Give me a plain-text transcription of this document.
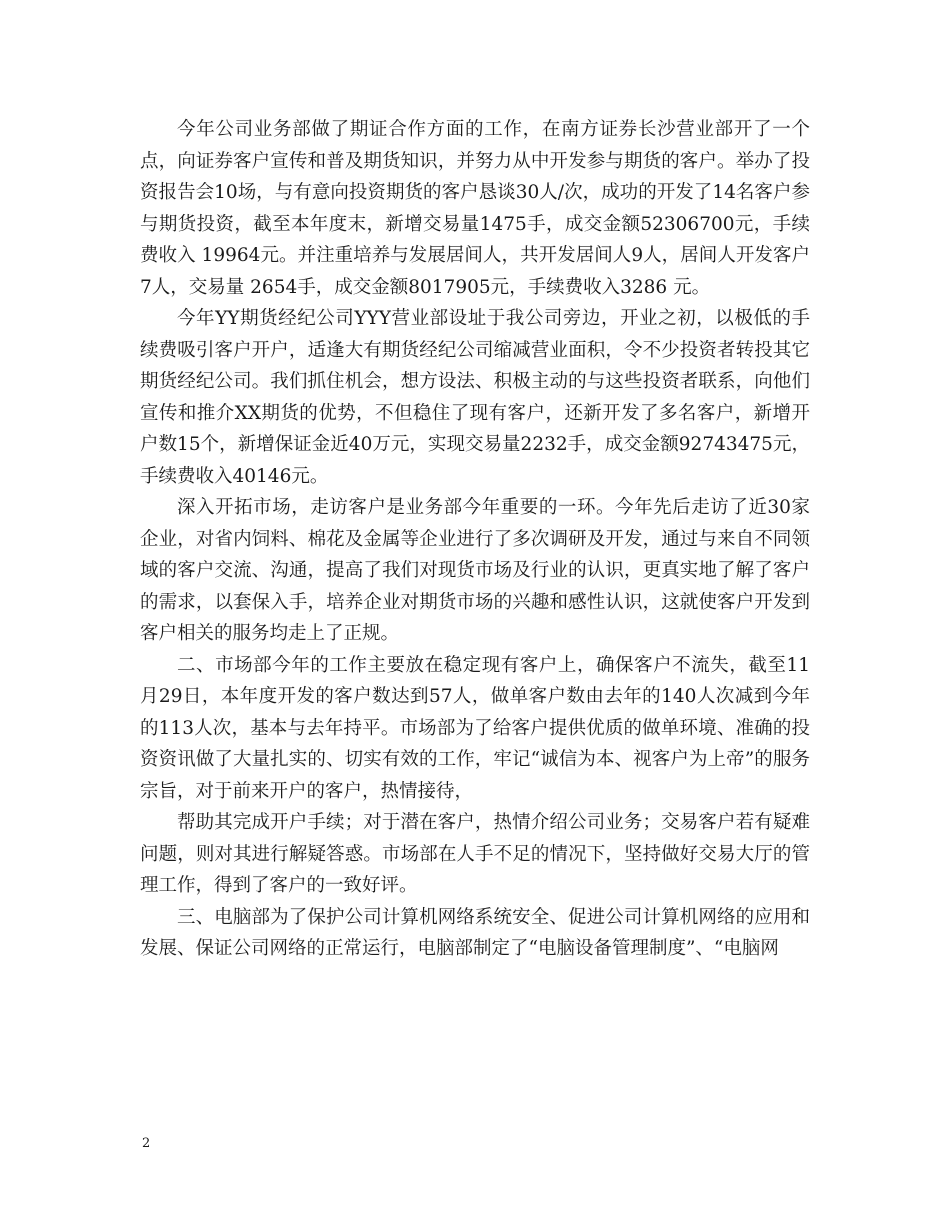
今年公司业务部做了期证合作方面的工作，在南方证券长沙营业部开了一个点，向证券客户宣传和普及期货知识，并努力从中开发参与期货的客户。举办了投资报告会10场，与有意向投资期货的客户恳谈30人/次，成功的开发了14名客户参与期货投资，截至本年度末，新增交易量1475手，成交金额52306700元，手续费收入 19964元。并注重培养与发展居间人，共开发居间人9人，居间人开发客户7人，交易量 2654手，成交金额8017905元，手续费收入3286 元。

今年YY期货经纪公司YYY营业部设址于我公司旁边，开业之初，以极低的手续费吸引客户开户，适逢大有期货经纪公司缩减营业面积，令不少投资者转投其它期货经纪公司。我们抓住机会，想方设法、积极主动的与这些投资者联系，向他们宣传和推介XX期货的优势，不但稳住了现有客户，还新开发了多名客户，新增开户数15个，新增保证金近40万元，实现交易量2232手，成交金额92743475元，手续费收入40146元。

深入开拓市场，走访客户是业务部今年重要的一环。今年先后走访了近30家企业，对省内饲料、棉花及金属等企业进行了多次调研及开发，通过与来自不同领域的客户交流、沟通，提高了我们对现货市场及行业的认识，更真实地了解了客户的需求，以套保入手，培养企业对期货市场的兴趣和感性认识，这就使客户开发到客户相关的服务均走上了正规。

二、市场部今年的工作主要放在稳定现有客户上，确保客户不流失，截至11月29日，本年度开发的客户数达到57人，做单客户数由去年的140人次减到今年的113人次，基本与去年持平。市场部为了给客户提供优质的做单环境、准确的投资资讯做了大量扎实的、切实有效的工作，牢记“诚信为本、视客户为上帝”的服务宗旨，对于前来开户的客户，热情接待，

帮助其完成开户手续；对于潜在客户，热情介绍公司业务；交易客户若有疑难问题，则对其进行解疑答惑。市场部在人手不足的情况下，坚持做好交易大厅的管理工作，得到了客户的一致好评。

三、电脑部为了保护公司计算机网络系统安全、促进公司计算机网络的应用和发展、保证公司网络的正常运行，电脑部制定了“电脑设备管理制度”、“电脑网

2
